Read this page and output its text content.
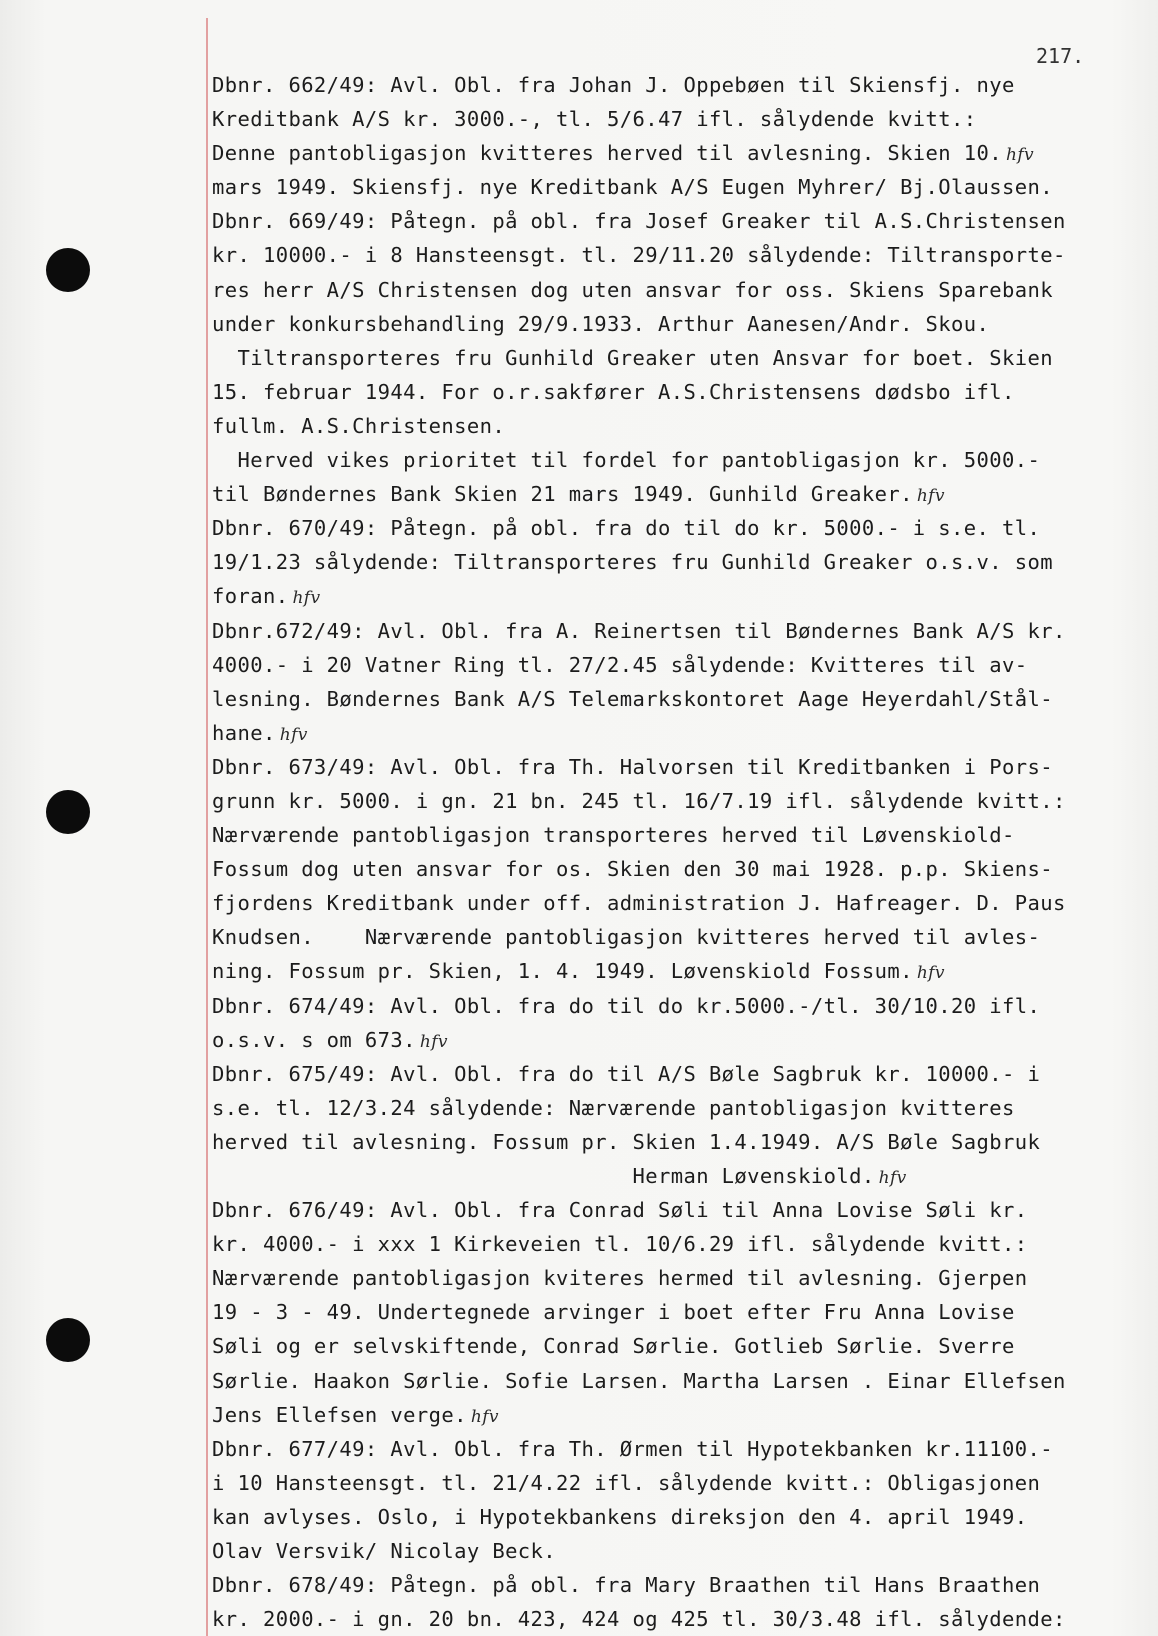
217.
Dbnr. 662/49: Avl. Obl. fra Johan J. Oppebøen til Skiensfj. nye
Kreditbank A/S kr. 3000.-, tl. 5/6.47 ifl. sålydende kvitt.:
Denne pantobligasjon kvitteres herved til avlesning. Skien 10. hfv
mars 1949. Skiensfj. nye Kreditbank A/S Eugen Myhrer/ Bj.Olaussen.
Dbnr. 669/49: Påtegn. på obl. fra Josef Greaker til A.S.Christensen
kr. 10000.- i 8 Hansteensgt. tl. 29/11.20 sålydende: Tiltransporte-
res herr A/S Christensen dog uten ansvar for oss. Skiens Sparebank
under konkursbehandling 29/9.1933. Arthur Aanesen/Andr. Skou.
Tiltransporteres fru Gunhild Greaker uten Ansvar for boet. Skien
15. februar 1944. For o.r.sakfører A.S.Christensens dødsbo ifl.
fullm. A.S.Christensen.
Herved vikes prioritet til fordel for pantobligasjon kr. 5000.-
til Bøndernes Bank Skien 21 mars 1949. Gunhild Greaker. hfv
Dbnr. 670/49: Påtegn. på obl. fra do til do kr. 5000.- i s.e. tl.
19/1.23 sålydende: Tiltransporteres fru Gunhild Greaker o.s.v. som
foran. hfv
Dbnr.672/49: Avl. Obl. fra A. Reinertsen til Bøndernes Bank A/S kr.
4000.- i 20 Vatner Ring tl. 27/2.45 sålydende: Kvitteres til av-
lesning. Bøndernes Bank A/S Telemarkskontoret Aage Heyerdahl/Stål-
hane. hfv
Dbnr. 673/49: Avl. Obl. fra Th. Halvorsen til Kreditbanken i Pors-
grunn kr. 5000. i gn. 21 bn. 245 tl. 16/7.19 ifl. sålydende kvitt.:
Nærværende pantobligasjon transporteres herved til Løvenskiold-
Fossum dog uten ansvar for os. Skien den 30 mai 1928. p.p. Skiens-
fjordens Kreditbank under off. administration J. Hafreager. D. Paus
Knudsen.    Nærværende pantobligasjon kvitteres herved til avles-
ning. Fossum pr. Skien, 1. 4. 1949. Løvenskiold Fossum. hfv
Dbnr. 674/49: Avl. Obl. fra do til do kr.5000.-/tl. 30/10.20 ifl.
o.s.v. s om 673. hfv
Dbnr. 675/49: Avl. Obl. fra do til A/S Bøle Sagbruk kr. 10000.- i
s.e. tl. 12/3.24 sålydende: Nærværende pantobligasjon kvitteres
herved til avlesning. Fossum pr. Skien 1.4.1949. A/S Bøle Sagbruk
Herman Løvenskiold. hfv
Dbnr. 676/49: Avl. Obl. fra Conrad Søli til Anna Lovise Søli kr.
kr. 4000.- i xxx 1 Kirkeveien tl. 10/6.29 ifl. sålydende kvitt.:
Nærværende pantobligasjon kviteres hermed til avlesning. Gjerpen
19 - 3 - 49. Undertegnede arvinger i boet efter Fru Anna Lovise
Søli og er selvskiftende, Conrad Sørlie. Gotlieb Sørlie. Sverre
Sørlie. Haakon Sørlie. Sofie Larsen. Martha Larsen . Einar Ellefsen
Jens Ellefsen verge. hfv
Dbnr. 677/49: Avl. Obl. fra Th. Ørmen til Hypotekbanken kr.11100.-
i 10 Hansteensgt. tl. 21/4.22 ifl. sålydende kvitt.: Obligasjonen
kan avlyses. Oslo, i Hypotekbankens direksjon den 4. april 1949.
Olav Versvik/ Nicolay Beck.
Dbnr. 678/49: Påtegn. på obl. fra Mary Braathen til Hans Braathen
kr. 2000.- i gn. 20 bn. 423, 424 og 425 tl. 30/3.48 ifl. sålydende:
